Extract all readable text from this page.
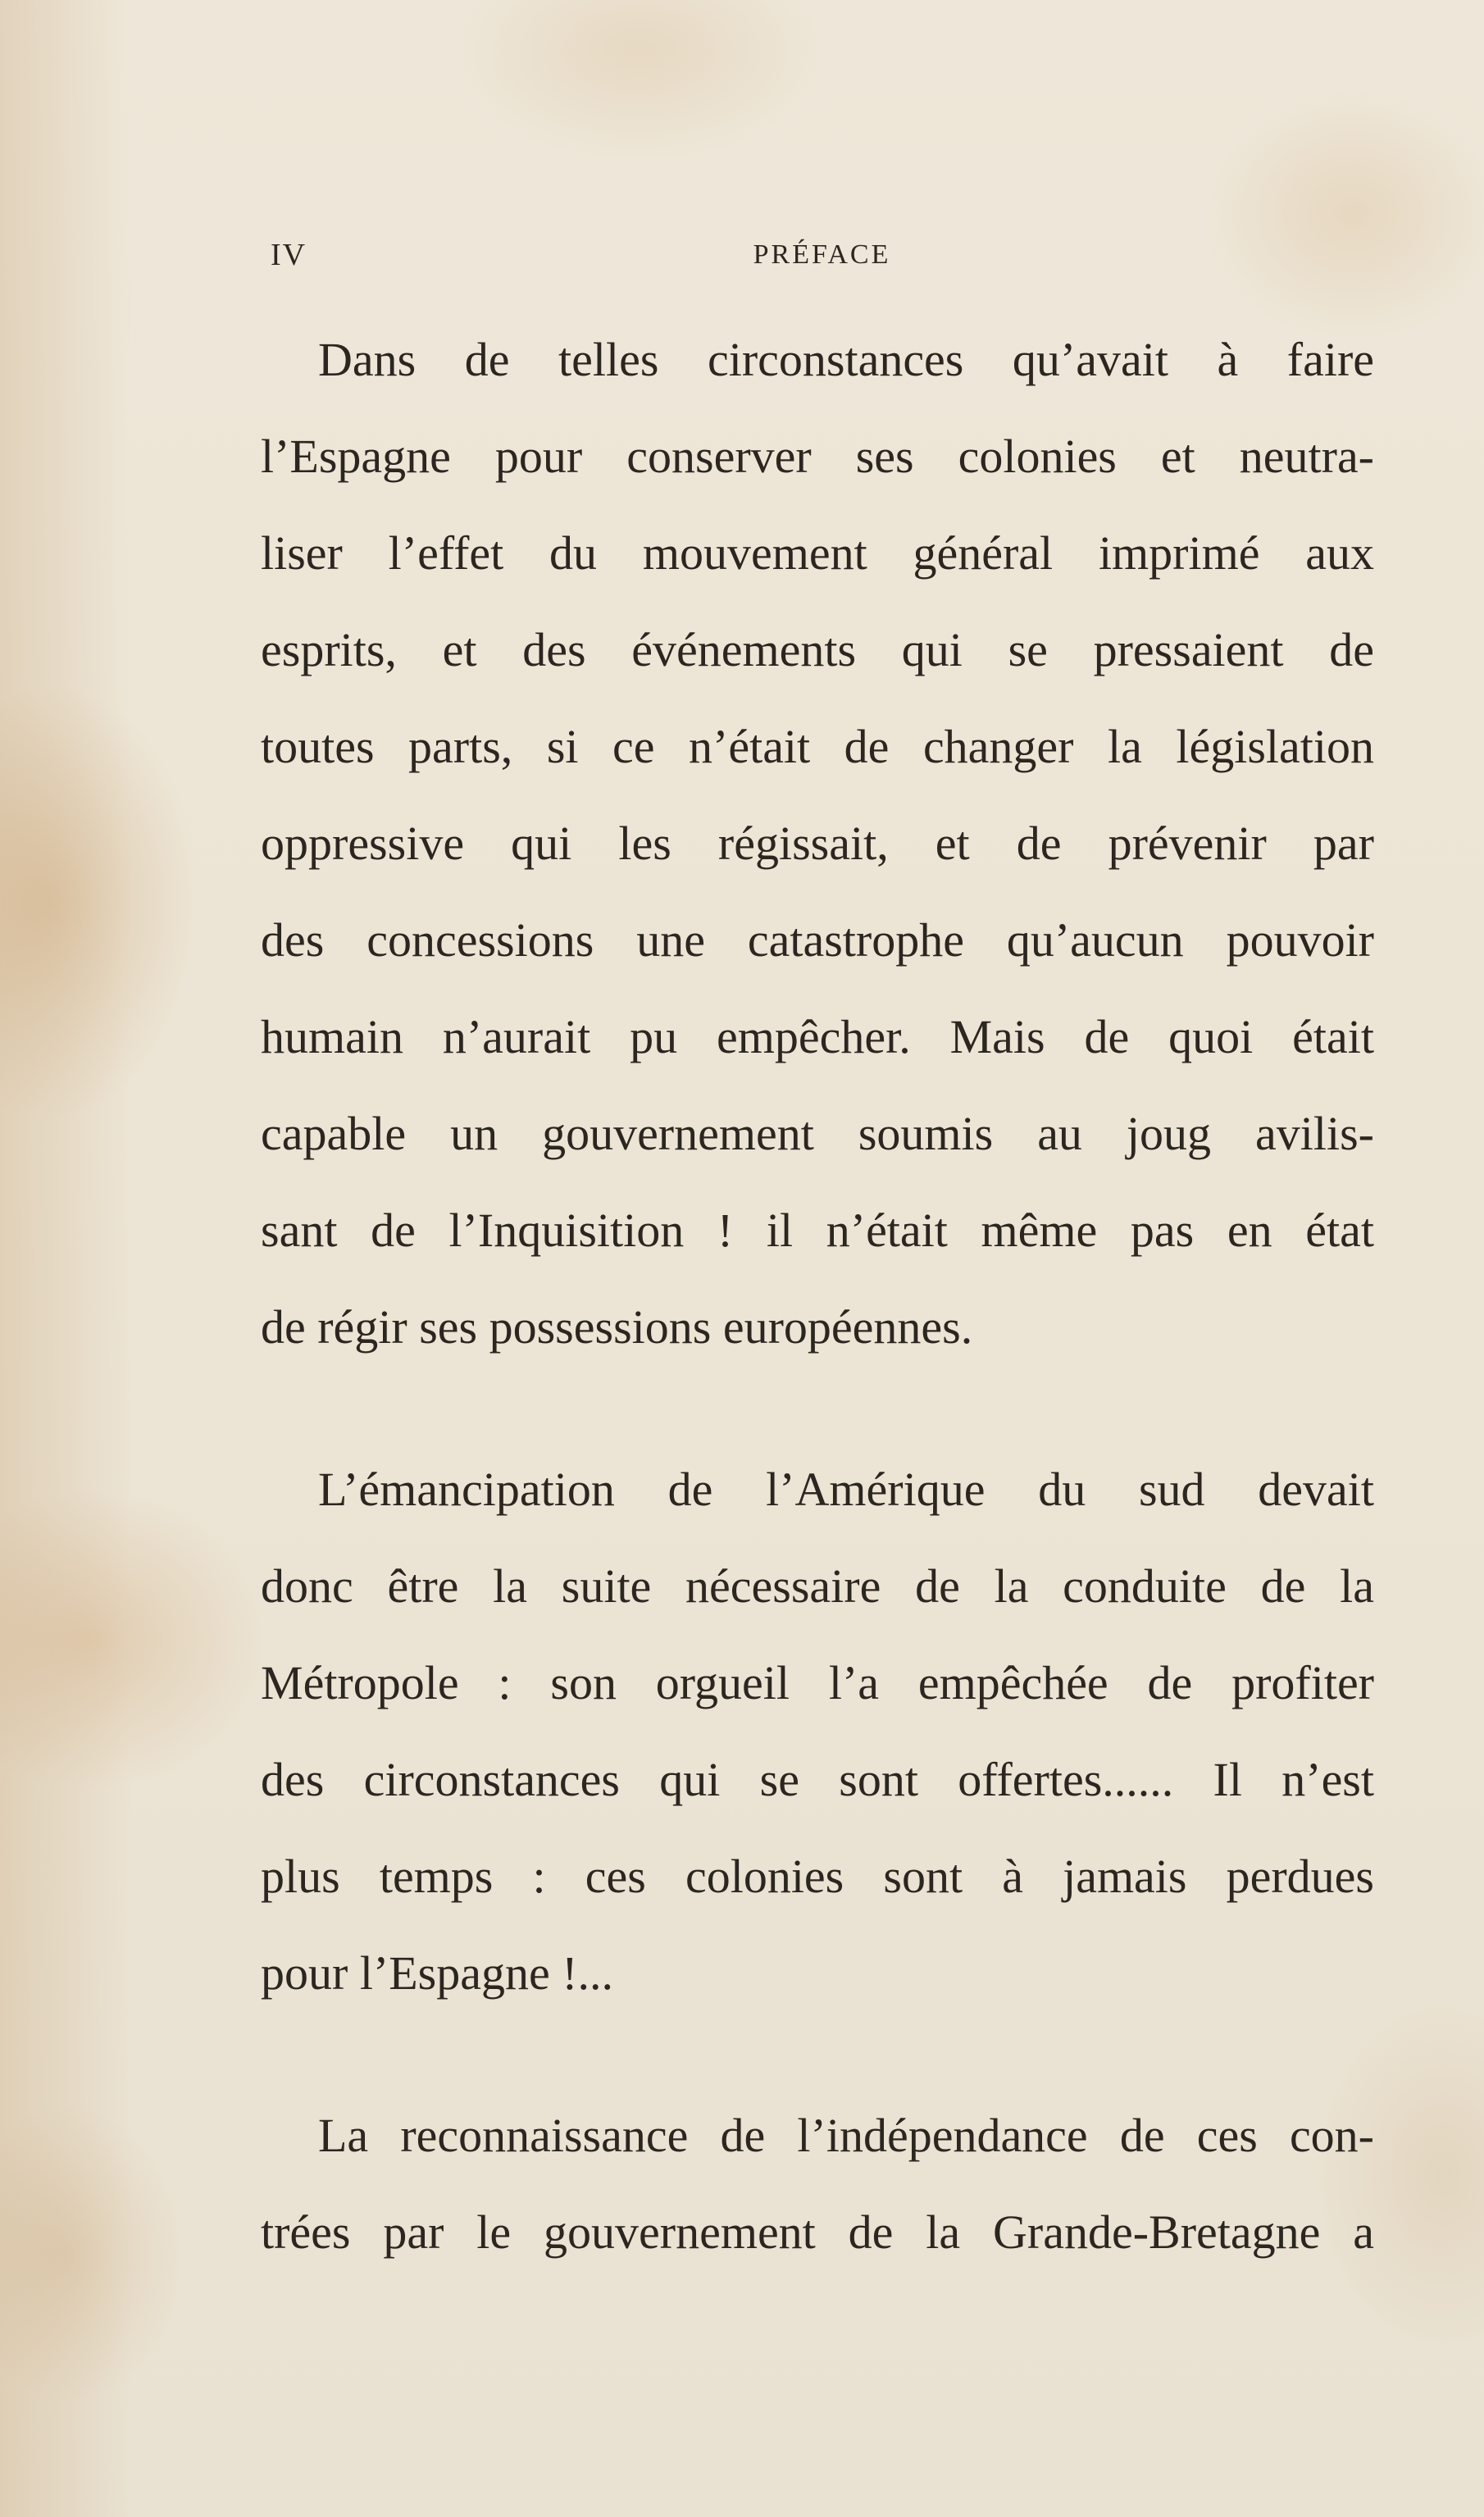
IV	PRÉFACE
Dans de telles circonstances qu’avait à faire
l’Espagne pour conserver ses colonies et neutra-
liser l’effet du mouvement général imprimé aux
esprits, et des événements qui se pressaient de
toutes parts, si ce n’était de changer la législation
oppressive qui les régissait, et de prévenir par
des concessions une catastrophe qu’aucun pouvoir
humain n’aurait pu empêcher. Mais de quoi était
capable un gouvernement soumis au joug avilis-
sant de l’Inquisition ! il n’était même pas en état
de régir ses possessions européennes.
L’émancipation de l’Amérique du sud devait
donc être la suite nécessaire de la conduite de la
Métropole : son orgueil l’a empêchée de profiter
des circonstances qui se sont offertes...... Il n’est
plus temps : ces colonies sont à jamais perdues
pour l’Espagne !...
La reconnaissance de l’indépendance de ces con-
trées par le gouvernement de la Grande-Bretagne a
